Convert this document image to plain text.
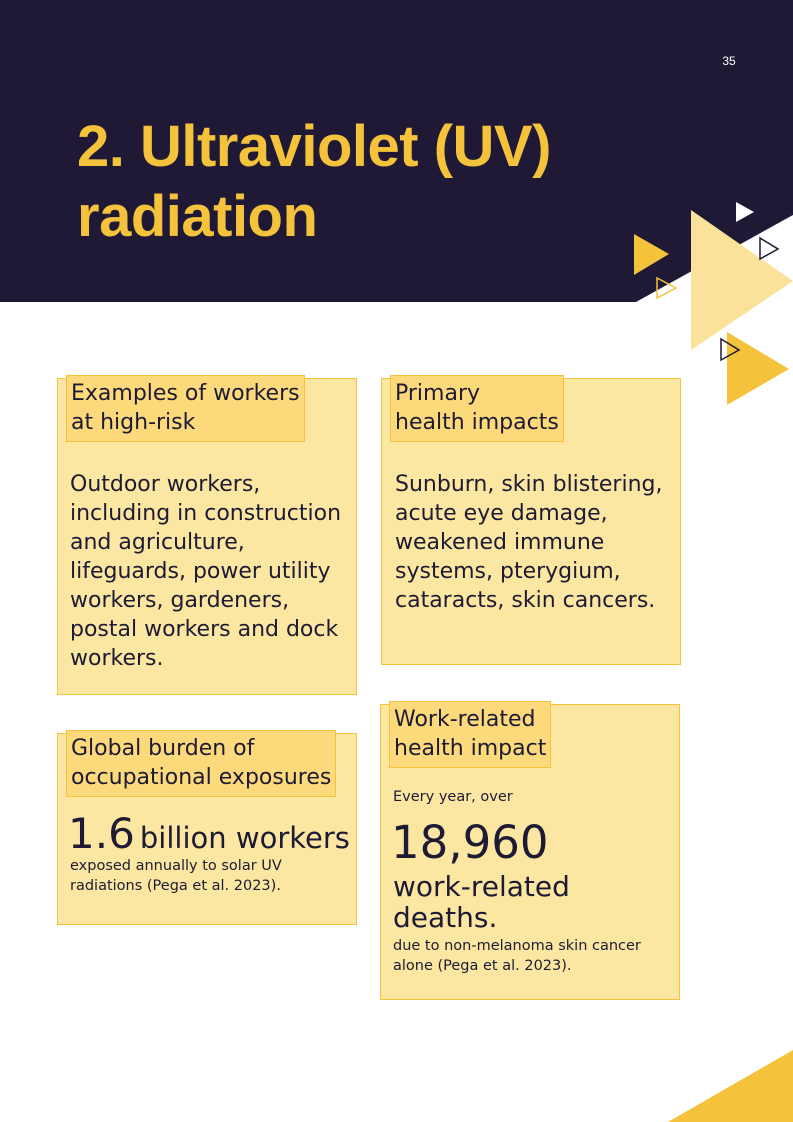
35
2. Ultraviolet (UV)
radiation
Examples of workers
at high-risk
Outdoor workers,
including in construction
and agriculture,
lifeguards, power utility
workers, gardeners,
postal workers and dock
workers.
Primary
health impacts
Sunburn, skin blistering,
acute eye damage,
weakened immune
systems, pterygium,
cataracts, skin cancers.
Global burden of
occupational exposures
1.6 billion workers
exposed annually to solar UV
radiations (Pega et al. 2023).
Work-related
health impact
Every year, over
18,960
work-related
deaths.
due to non-melanoma skin cancer
alone (Pega et al. 2023).
